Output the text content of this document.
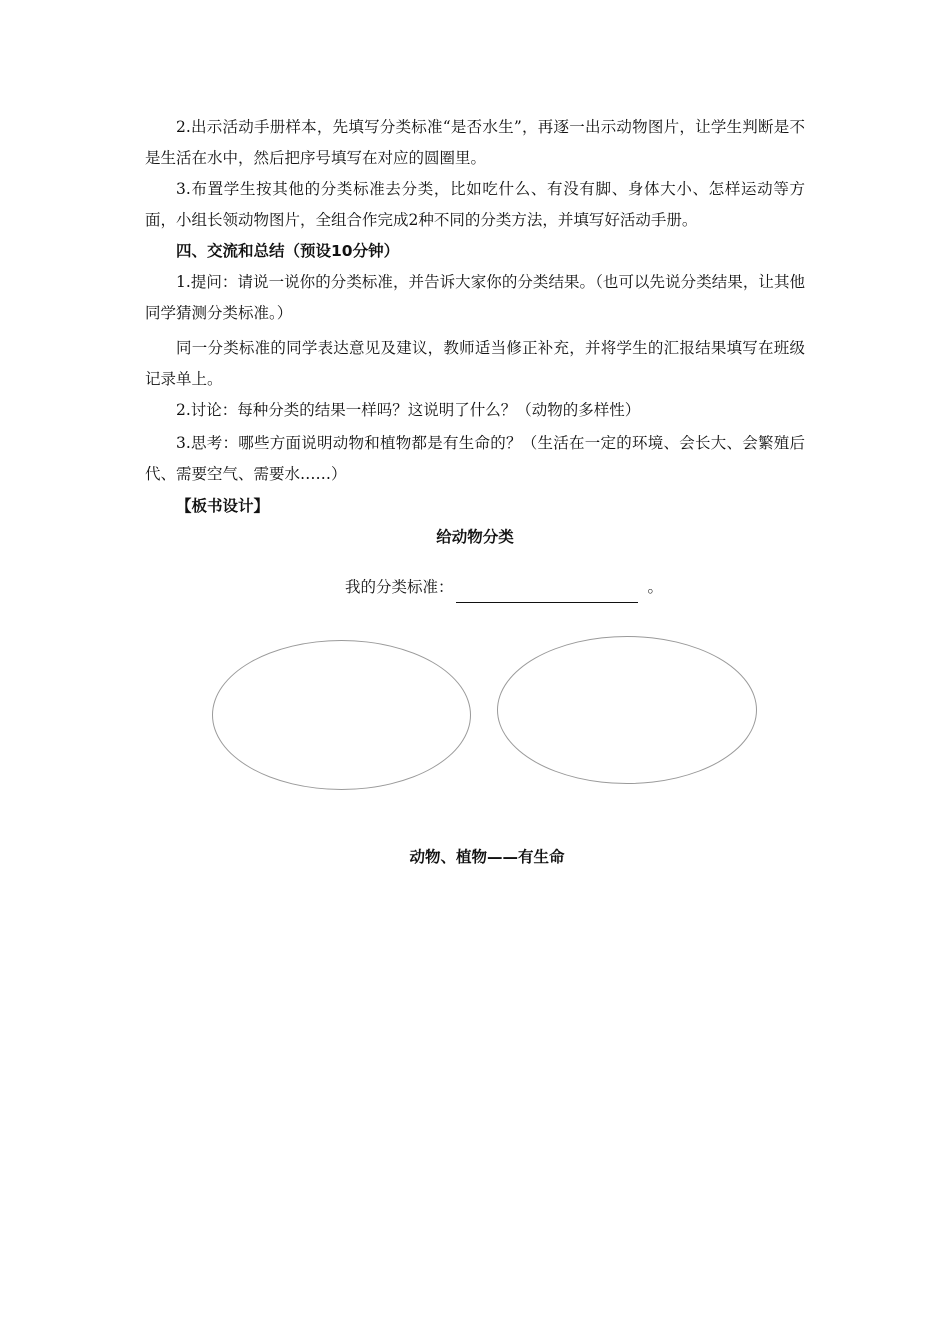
2.出示活动手册样本，先填写分类标准“是否水生”，再逐一出示动物图片，让学生判断是不是生活在水中，然后把序号填写在对应的圆圈里。

3.布置学生按其他的分类标准去分类，比如吃什么、有没有脚、身体大小、怎样运动等方面，小组长领动物图片，全组合作完成2种不同的分类方法，并填写好活动手册。

四、交流和总结（预设10分钟）

1.提问：请说一说你的分类标准，并告诉大家你的分类结果。（也可以先说分类结果，让其他同学猜测分类标准。）

同一分类标准的同学表达意见及建议，教师适当修正补充，并将学生的汇报结果填写在班级记录单上。

2.讨论：每种分类的结果一样吗？这说明了什么？（动物的多样性）

3.思考：哪些方面说明动物和植物都是有生命的？（生活在一定的环境、会长大、会繁殖后代、需要空气、需要水……）

【板书设计】

给动物分类

我的分类标准：	。

动物、植物——有生命
